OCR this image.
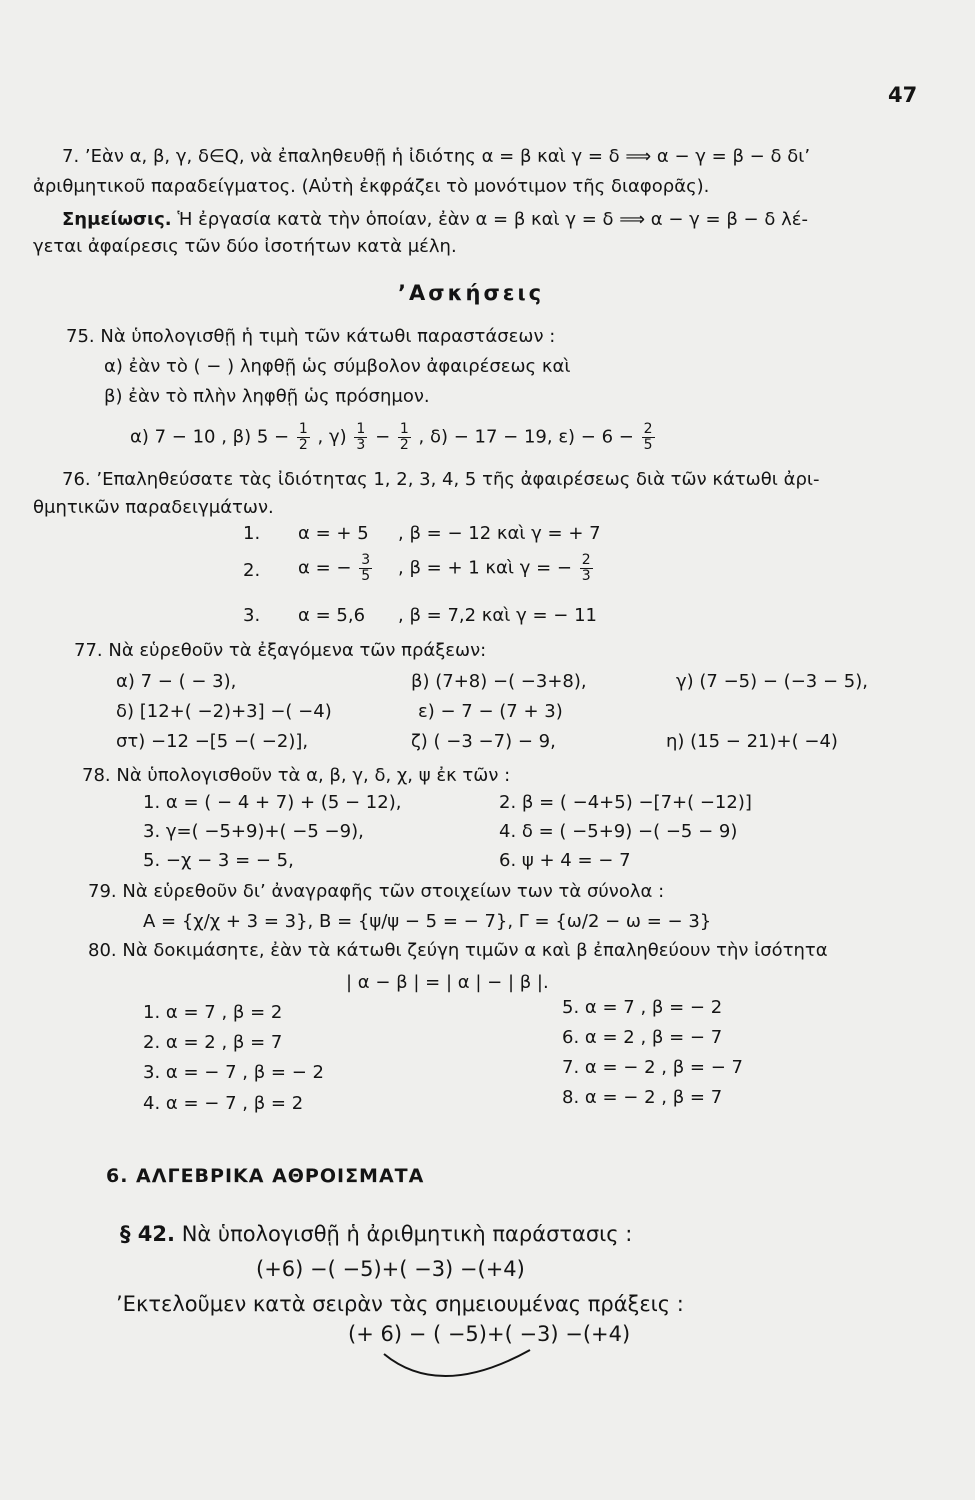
47
7. ’Εὰν α, β, γ, δ∈Q, νὰ ἐπαληθευθῇ ἡ ἰδιότης α = β καὶ γ = δ ⟹ α − γ = β − δ δι’
ἀριθμητικοῦ παραδείγματος. (Αὐτὴ ἐκφράζει τὸ μονότιμον τῆς διαφορᾶς).
Σημείωσις. Ἡ ἐργασία κατὰ τὴν ὁποίαν, ἐὰν α = β καὶ γ = δ ⟹ α − γ = β − δ λέ-
γεται ἀφαίρεσις τῶν δύο ἰσοτήτων κατὰ μέλη.
’Ασκήσεις
75. Νὰ ὑπολογισθῇ ἡ τιμὴ τῶν κάτωθι παραστάσεων :
α) ἐὰν τὸ ( − ) ληφθῇ ὡς σύμβολον ἀφαιρέσεως καὶ
β) ἐὰν τὸ πλὴν ληφθῇ ὡς πρόσημον.
α) 7 − 10 , β) $5 - \frac{1}{2}$ , $\gamma) \frac{1}{3} - \frac{1}{2}$ , δ) − 17 − 19, $\varepsilon) - 6 - \frac{2}{5}$
76. ’Επαληθεύσατε τὰς ἰδιότητας 1, 2, 3, 4, 5 τῆς ἀφαιρέσεως διὰ τῶν κάτωθι ἀρι-
θμητικῶν παραδειγμάτων.
1. α = + 5 , β = − 12 καὶ γ = + 7
2. α = − $\frac{3}{5}$ , β = + 1 καὶ γ = − $\frac{2}{3}$
3. α = 5,6 , β = 7,2 καὶ γ = − 11
77. Νὰ εὑρεθοῦν τὰ ἐξαγόμενα τῶν πράξεων:
α) 7 − ( − 3),	β) (7+8) −( −3+8),	γ) (7 −5) − (−3 − 5),
δ) [12+( −2)+3] −( −4)	ε) − 7 − (7 + 3)
στ) −12 −[5 −( −2)],	ζ) ( −3 −7) − 9,	η) (15 − 21)+( −4)
78. Νὰ ὑπολογισθοῦν τὰ α, β, γ, δ, χ, ψ ἐκ τῶν :
1. α = ( − 4 + 7) + (5 − 12),	2. β = ( −4+5) −[7+( −12)]
3. γ=( −5+9)+( −5 −9),	4. δ = ( −5+9) −( −5 − 9)
5. −χ − 3 = − 5,	6. ψ + 4 = − 7
79. Νὰ εὑρεθοῦν δι’ ἀναγραφῆς τῶν στοιχείων των τὰ σύνολα :
A = {χ/χ + 3 = 3}, B = {ψ/ψ − 5 = − 7}, Γ = {ω/2 − ω = − 3}
80. Νὰ δοκιμάσητε, ἐὰν τὰ κάτωθι ζεύγη τιμῶν α καὶ β ἐπαληθεύουν τὴν ἰσότητα
| α − β | = | α | − | β |.
1. α = 7 , β = 2
2. α = 2 , β = 7
3. α = − 7 , β = − 2
4. α = − 7 , β = 2
5. α = 7 , β = − 2
6. α = 2 , β = − 7
7. α = − 2 , β = − 7
8. α = − 2 , β = 7
6. ΑΛΓΕΒΡΙΚΑ ΑΘΡΟΙΣΜΑΤΑ
§ 42. Νὰ ὑπολογισθῇ ἡ ἀριθμητικὴ παράστασις :
(+6) −( −5)+( −3) −(+4)
’Εκτελοῦμεν κατὰ σειρὰν τὰς σημειουμένας πράξεις :
(+ 6) − ( −5)+( −3) −(+4)
